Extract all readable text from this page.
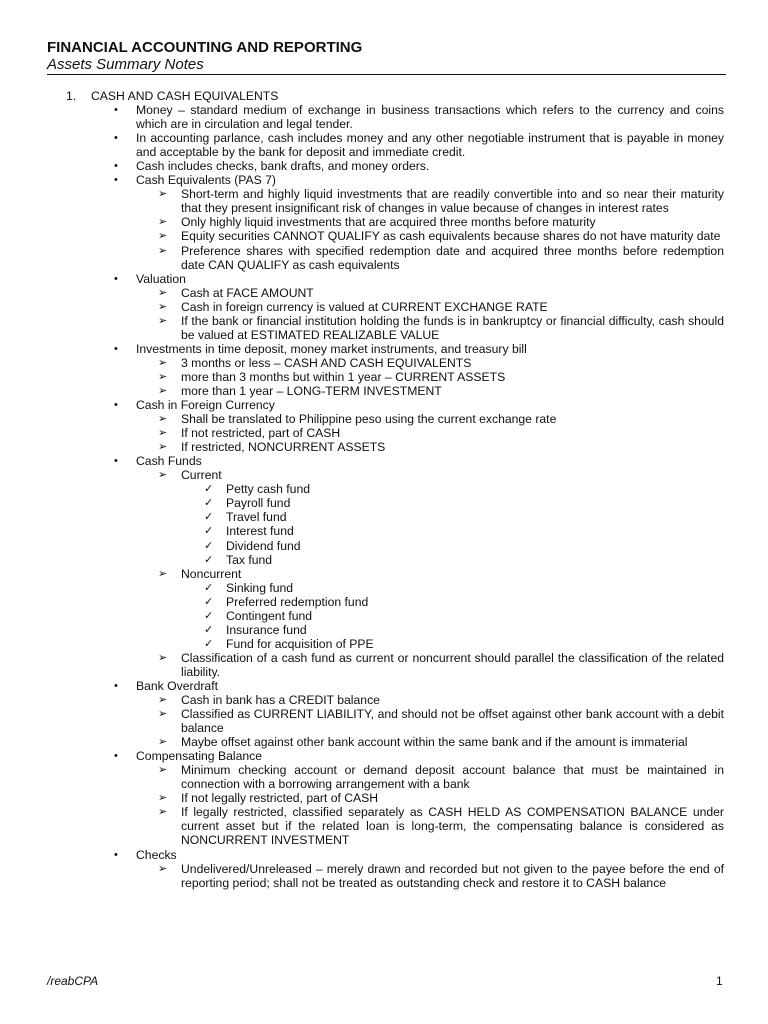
FINANCIAL ACCOUNTING AND REPORTING
Assets Summary Notes
1. CASH AND CASH EQUIVALENTS
• Money – standard medium of exchange in business transactions which refers to the currency and coins which are in circulation and legal tender.
• In accounting parlance, cash includes money and any other negotiable instrument that is payable in money and acceptable by the bank for deposit and immediate credit.
• Cash includes checks, bank drafts, and money orders.
• Cash Equivalents (PAS 7)
➢ Short-term and highly liquid investments that are readily convertible into and so near their maturity that they present insignificant risk of changes in value because of changes in interest rates
➢ Only highly liquid investments that are acquired three months before maturity
➢ Equity securities CANNOT QUALIFY as cash equivalents because shares do not have maturity date
➢ Preference shares with specified redemption date and acquired three months before redemption date CAN QUALIFY as cash equivalents
• Valuation
➢ Cash at FACE AMOUNT
➢ Cash in foreign currency is valued at CURRENT EXCHANGE RATE
➢ If the bank or financial institution holding the funds is in bankruptcy or financial difficulty, cash should be valued at ESTIMATED REALIZABLE VALUE
• Investments in time deposit, money market instruments, and treasury bill
➢ 3 months or less – CASH AND CASH EQUIVALENTS
➢ more than 3 months but within 1 year – CURRENT ASSETS
➢ more than 1 year – LONG-TERM INVESTMENT
• Cash in Foreign Currency
➢ Shall be translated to Philippine peso using the current exchange rate
➢ If not restricted, part of CASH
➢ If restricted, NONCURRENT ASSETS
• Cash Funds
➢ Current
✓ Petty cash fund
✓ Payroll fund
✓ Travel fund
✓ Interest fund
✓ Dividend fund
✓ Tax fund
➢ Noncurrent
✓ Sinking fund
✓ Preferred redemption fund
✓ Contingent fund
✓ Insurance fund
✓ Fund for acquisition of PPE
➢ Classification of a cash fund as current or noncurrent should parallel the classification of the related liability.
• Bank Overdraft
➢ Cash in bank has a CREDIT balance
➢ Classified as CURRENT LIABILITY, and should not be offset against other bank account with a debit balance
➢ Maybe offset against other bank account within the same bank and if the amount is immaterial
• Compensating Balance
➢ Minimum checking account or demand deposit account balance that must be maintained in connection with a borrowing arrangement with a bank
➢ If not legally restricted, part of CASH
➢ If legally restricted, classified separately as CASH HELD AS COMPENSATION BALANCE under current asset but if the related loan is long-term, the compensating balance is considered as NONCURRENT INVESTMENT
• Checks
➢ Undelivered/Unreleased – merely drawn and recorded but not given to the payee before the end of reporting period; shall not be treated as outstanding check and restore it to CASH balance
/reabCPA	1
